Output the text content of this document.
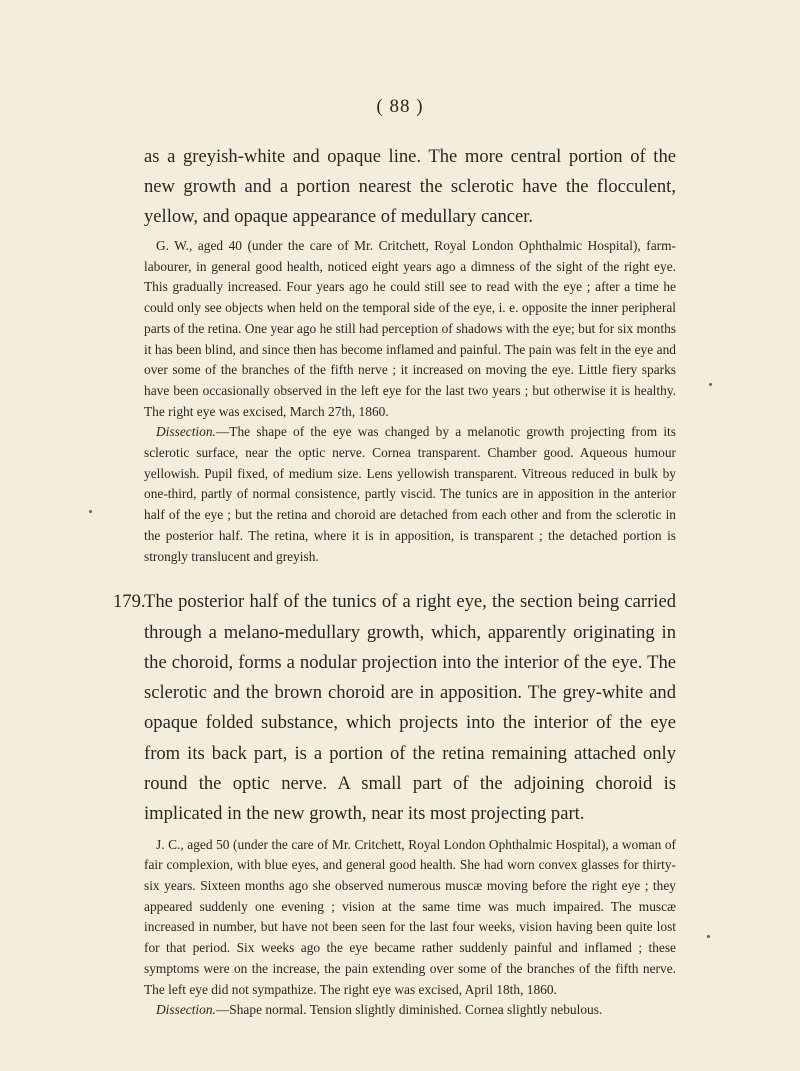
( 88 )

as a greyish-white and opaque line. The more central portion of the new growth and a portion nearest the sclerotic have the flocculent, yellow, and opaque appearance of medullary cancer.

G. W., aged 40 (under the care of Mr. Critchett, Royal London Ophthalmic Hospital), farm-labourer, in general good health, noticed eight years ago a dimness of the sight of the right eye. This gradually increased. Four years ago he could still see to read with the eye ; after a time he could only see objects when held on the temporal side of the eye, i. e. opposite the inner peripheral parts of the retina. One year ago he still had perception of shadows with the eye; but for six months it has been blind, and since then has become inflamed and painful. The pain was felt in the eye and over some of the branches of the fifth nerve ; it increased on moving the eye. Little fiery sparks have been occasionally observed in the left eye for the last two years ; but otherwise it is healthy. The right eye was excised, March 27th, 1860.

Dissection.—The shape of the eye was changed by a melanotic growth projecting from its sclerotic surface, near the optic nerve. Cornea transparent. Chamber good. Aqueous humour yellowish. Pupil fixed, of medium size. Lens yellowish transparent. Vitreous reduced in bulk by one-third, partly of normal consistence, partly viscid. The tunics are in apposition in the anterior half of the eye ; but the retina and choroid are detached from each other and from the sclerotic in the posterior half. The retina, where it is in apposition, is transparent ; the detached portion is strongly translucent and greyish.

179.
The posterior half of the tunics of a right eye, the section being carried through a melano-medullary growth, which, apparently originating in the choroid, forms a nodular projection into the interior of the eye. The sclerotic and the brown choroid are in apposition. The grey-white and opaque folded substance, which projects into the interior of the eye from its back part, is a portion of the retina remaining attached only round the optic nerve. A small part of the adjoining choroid is implicated in the new growth, near its most projecting part.

J. C., aged 50 (under the care of Mr. Critchett, Royal London Ophthalmic Hospital), a woman of fair complexion, with blue eyes, and general good health. She had worn convex glasses for thirty-six years. Sixteen months ago she observed numerous muscæ moving before the right eye ; they appeared suddenly one evening ; vision at the same time was much impaired. The muscæ increased in number, but have not been seen for the last four weeks, vision having been quite lost for that period. Six weeks ago the eye became rather suddenly painful and inflamed ; these symptoms were on the increase, the pain extending over some of the branches of the fifth nerve. The left eye did not sympathize. The right eye was excised, April 18th, 1860.

Dissection.—Shape normal. Tension slightly diminished. Cornea slightly nebulous.
